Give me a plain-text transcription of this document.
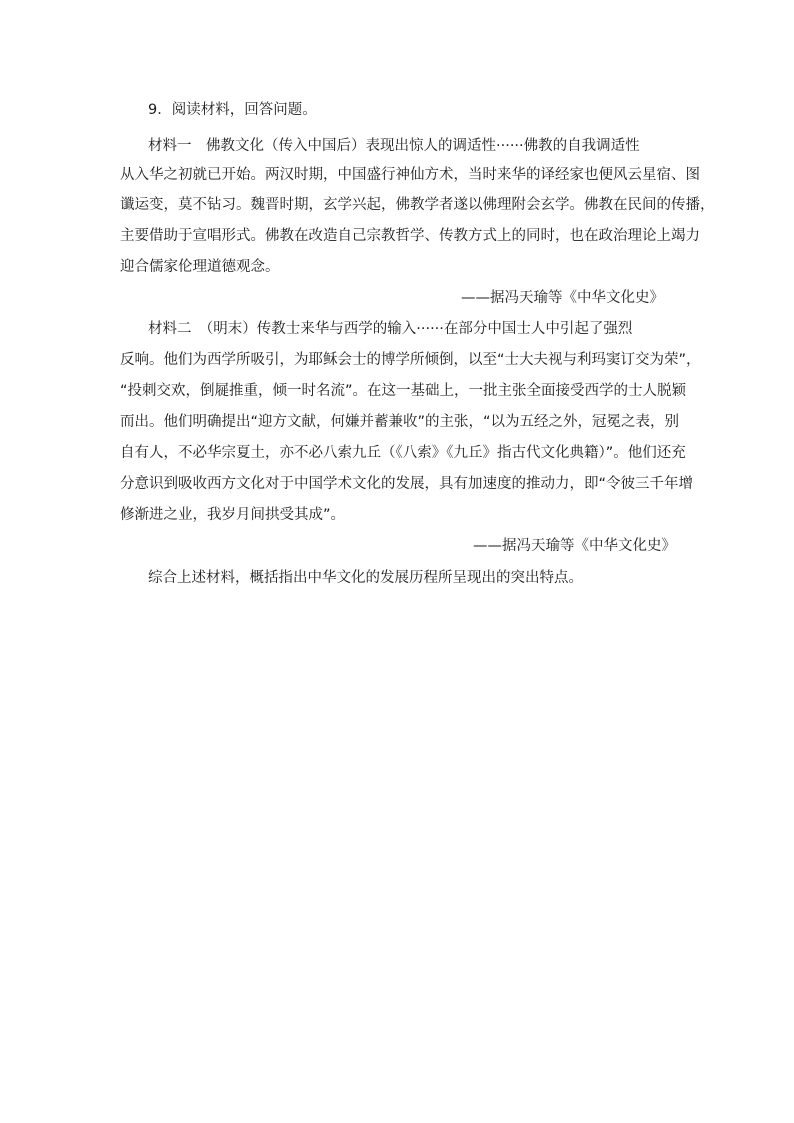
9．阅读材料，回答问题。
材料一　佛教文化（传入中国后）表现出惊人的调适性······佛教的自我调适性
从入华之初就已开始。两汉时期，中国盛行神仙方术，当时来华的译经家也便风云星宿、图
谶运变，莫不钻习。魏晋时期，玄学兴起，佛教学者遂以佛理附会玄学。佛教在民间的传播，
主要借助于宣唱形式。佛教在改造自己宗教哲学、传教方式上的同时，也在政治理论上竭力
迎合儒家伦理道德观念。
——据冯天瑜等《中华文化史》
材料二　（明末）传教士来华与西学的输入······在部分中国士人中引起了强烈
反响。他们为西学所吸引，为耶稣会士的博学所倾倒，以至“士大夫视与利玛窦订交为荣”，
“投刺交欢，倒屣推重，倾一时名流”。在这一基础上，一批主张全面接受西学的士人脱颖
而出。他们明确提出“迎方文献，何嫌并蓄兼收”的主张，“以为五经之外，冠冕之表，别
自有人，不必华宗夏土，亦不必八索九丘（《八索》《九丘》指古代文化典籍）”。他们还充
分意识到吸收西方文化对于中国学术文化的发展，具有加速度的推动力，即“令彼三千年增
修渐进之业，我岁月间拱受其成”。
——据冯天瑜等《中华文化史》
综合上述材料，概括指出中华文化的发展历程所呈现出的突出特点。
